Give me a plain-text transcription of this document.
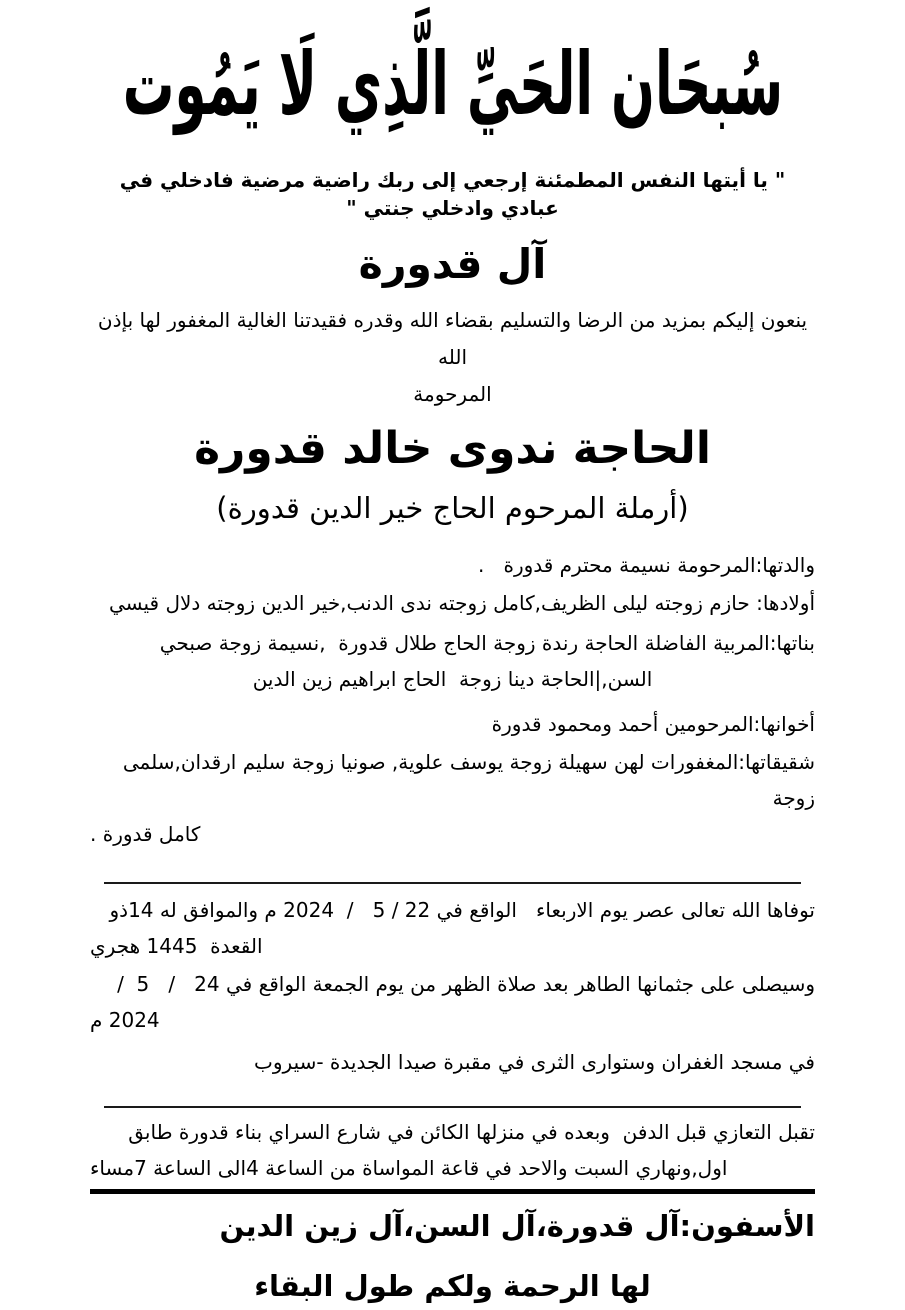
سُبحَان الحَيِّ الَّذِي لَا يَمُوت
" يا أيتها النفس المطمئنة إرجعي إلى ربك راضية مرضية فادخلي في عبادي وادخلي جنتي "
آل قدورة
ينعون إليكم بمزيد من الرضا والتسليم بقضاء الله وقدره فقيدتنا الغالية المغفور لها بإذن الله
المرحومة
الحاجة ندوى خالد قدورة
(أرملة المرحوم الحاج خير الدين قدورة)
والدتها:المرحومة نسيمة محترم قدورة   .
أولادها: حازم زوجته ليلى الظريف,كامل زوجته ندى الدنب,خير الدين زوجته دلال قيسي
بناتها:المربية الفاضلة الحاجة رندة زوجة الحاج طلال قدورة  ,نسيمة زوجة صبحي
السن,|الحاجة دينا زوجة  الحاج ابراهيم زين الدين
أخوانها:المرحومين أحمد ومحمود قدورة
شقيقاتها:المغفورات لهن سهيلة زوجة يوسف علوية, صونيا زوجة سليم ارقدان,سلمى زوجة
كامل قدورة .
توفاها الله تعالى عصر يوم الاربعاء   الواقع في 22 / 5   /  2024 م والموافق له 14ذو
القعدة  1445 هجري
وسيصلى على جثمانها الطاهر بعد صلاة الظهر من يوم الجمعة الواقع في 24   /   5  /
2024 م
في مسجد الغفران وستوارى الثرى في مقبرة صيدا الجديدة -سيروب
تقبل التعازي قبل الدفن  وبعده في منزلها الكائن في شارع السراي بناء قدورة طابق
اول,ونهاري السبت والاحد في قاعة المواساة من الساعة 4الى الساعة 7مساء
الأسفون:آل قدورة،آل السن،آل زين الدين
لها الرحمة ولكم طول البقاء
